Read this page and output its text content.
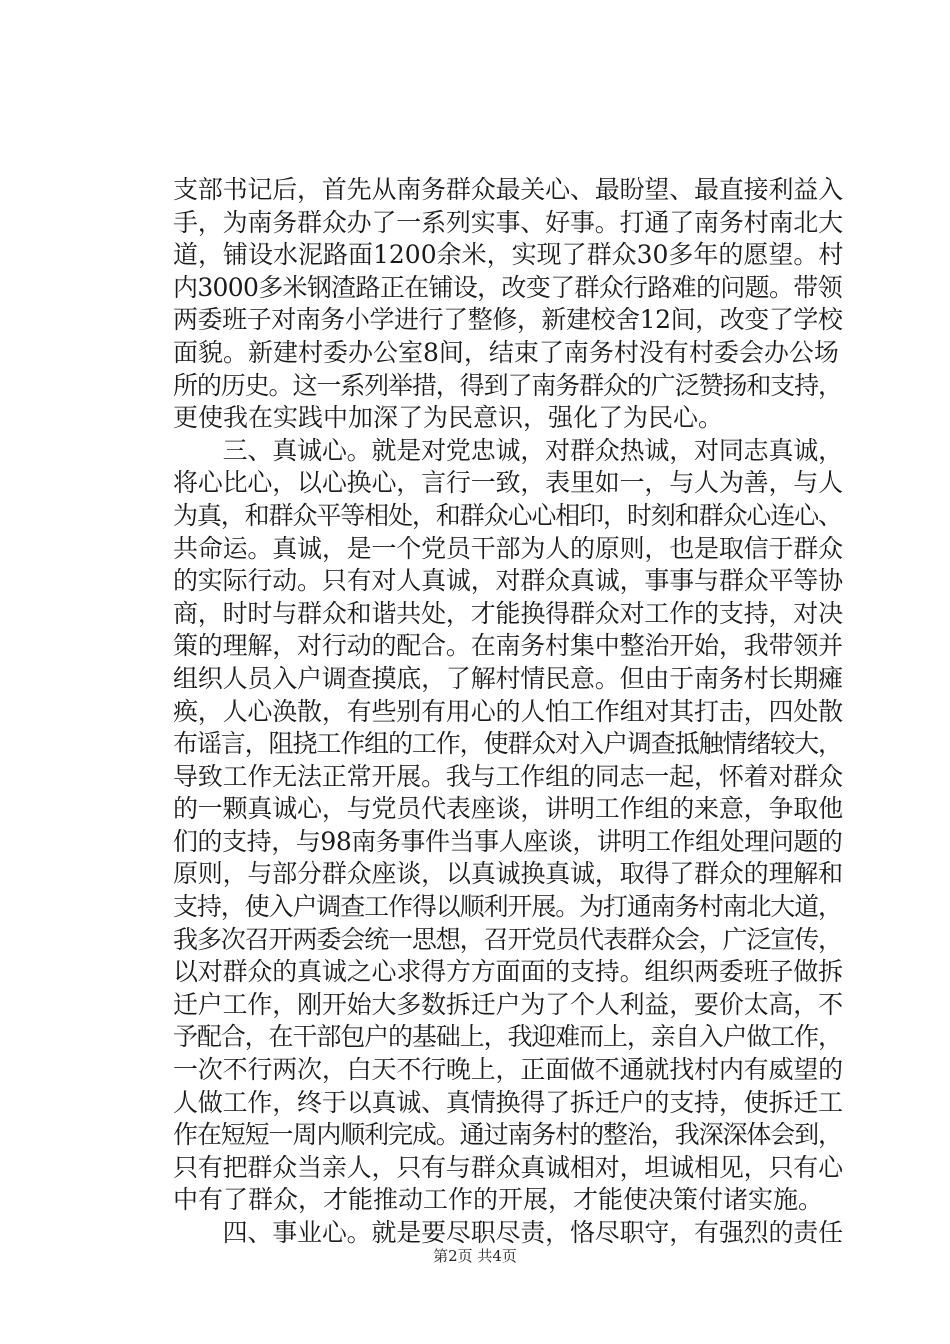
支部书记后，首先从南务群众最关心、最盼望、最直接利益入
手，为南务群众办了一系列实事、好事。打通了南务村南北大
道，铺设水泥路面1200余米，实现了群众30多年的愿望。村
内3000多米钢渣路正在铺设，改变了群众行路难的问题。带领
两委班子对南务小学进行了整修，新建校舍12间，改变了学校
面貌。新建村委办公室8间，结束了南务村没有村委会办公场
所的历史。这一系列举措，得到了南务群众的广泛赞扬和支持，
更使我在实践中加深了为民意识，强化了为民心。
　　三、真诚心。就是对党忠诚，对群众热诚，对同志真诚，
将心比心，以心换心，言行一致，表里如一，与人为善，与人
为真，和群众平等相处，和群众心心相印，时刻和群众心连心、
共命运。真诚，是一个党员干部为人的原则，也是取信于群众
的实际行动。只有对人真诚，对群众真诚，事事与群众平等协
商，时时与群众和谐共处，才能换得群众对工作的支持，对决
策的理解，对行动的配合。在南务村集中整治开始，我带领并
组织人员入户调查摸底，了解村情民意。但由于南务村长期瘫
痪，人心涣散，有些别有用心的人怕工作组对其打击，四处散
布谣言，阻挠工作组的工作，使群众对入户调查抵触情绪较大，
导致工作无法正常开展。我与工作组的同志一起，怀着对群众
的一颗真诚心，与党员代表座谈，讲明工作组的来意，争取他
们的支持，与98南务事件当事人座谈，讲明工作组处理问题的
原则，与部分群众座谈，以真诚换真诚，取得了群众的理解和
支持，使入户调查工作得以顺利开展。为打通南务村南北大道，
我多次召开两委会统一思想，召开党员代表群众会，广泛宣传，
以对群众的真诚之心求得方方面面的支持。组织两委班子做拆
迁户工作，刚开始大多数拆迁户为了个人利益，要价太高，不
予配合，在干部包户的基础上，我迎难而上，亲自入户做工作，
一次不行两次，白天不行晚上，正面做不通就找村内有威望的
人做工作，终于以真诚、真情换得了拆迁户的支持，使拆迁工
作在短短一周内顺利完成。通过南务村的整治，我深深体会到，
只有把群众当亲人，只有与群众真诚相对，坦诚相见，只有心
中有了群众，才能推动工作的开展，才能使决策付诸实施。
　　四、事业心。就是要尽职尽责，恪尽职守，有强烈的责任
第2页 共4页
